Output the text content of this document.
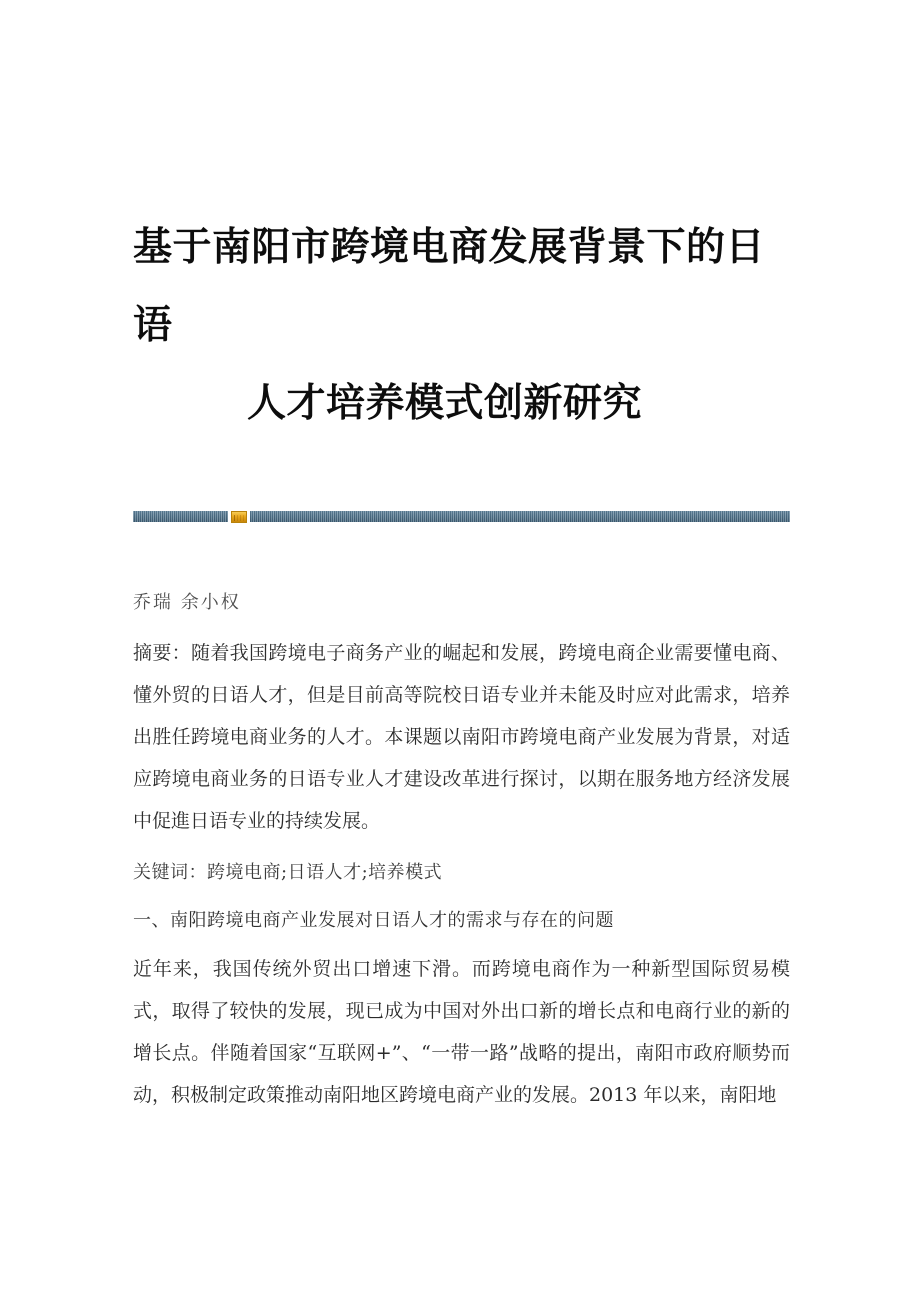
基于南阳市跨境电商发展背景下的日语
人才培养模式创新研究
乔瑞 余小权

摘要：随着我国跨境电子商务产业的崛起和发展，跨境电商企业需要懂电商、懂外贸的日语人才，但是目前高等院校日语专业并未能及时应对此需求，培养出胜任跨境电商业务的人才。本课题以南阳市跨境电商产业发展为背景，对适应跨境电商业务的日语专业人才建设改革进行探讨，以期在服务地方经济发展中促進日语专业的持续发展。

关键词：跨境电商;日语人才;培养模式

一、南阳跨境电商产业发展对日语人才的需求与存在的问题

近年来，我国传统外贸出口增速下滑。而跨境电商作为一种新型国际贸易模式，取得了较快的发展，现已成为中国对外出口新的增长点和电商行业的新的增长点。伴随着国家“互联网+”、“一带一路”战略的提出，南阳市政府顺势而动，积极制定政策推动南阳地区跨境电商产业的发展。2013 年以来，南阳地
